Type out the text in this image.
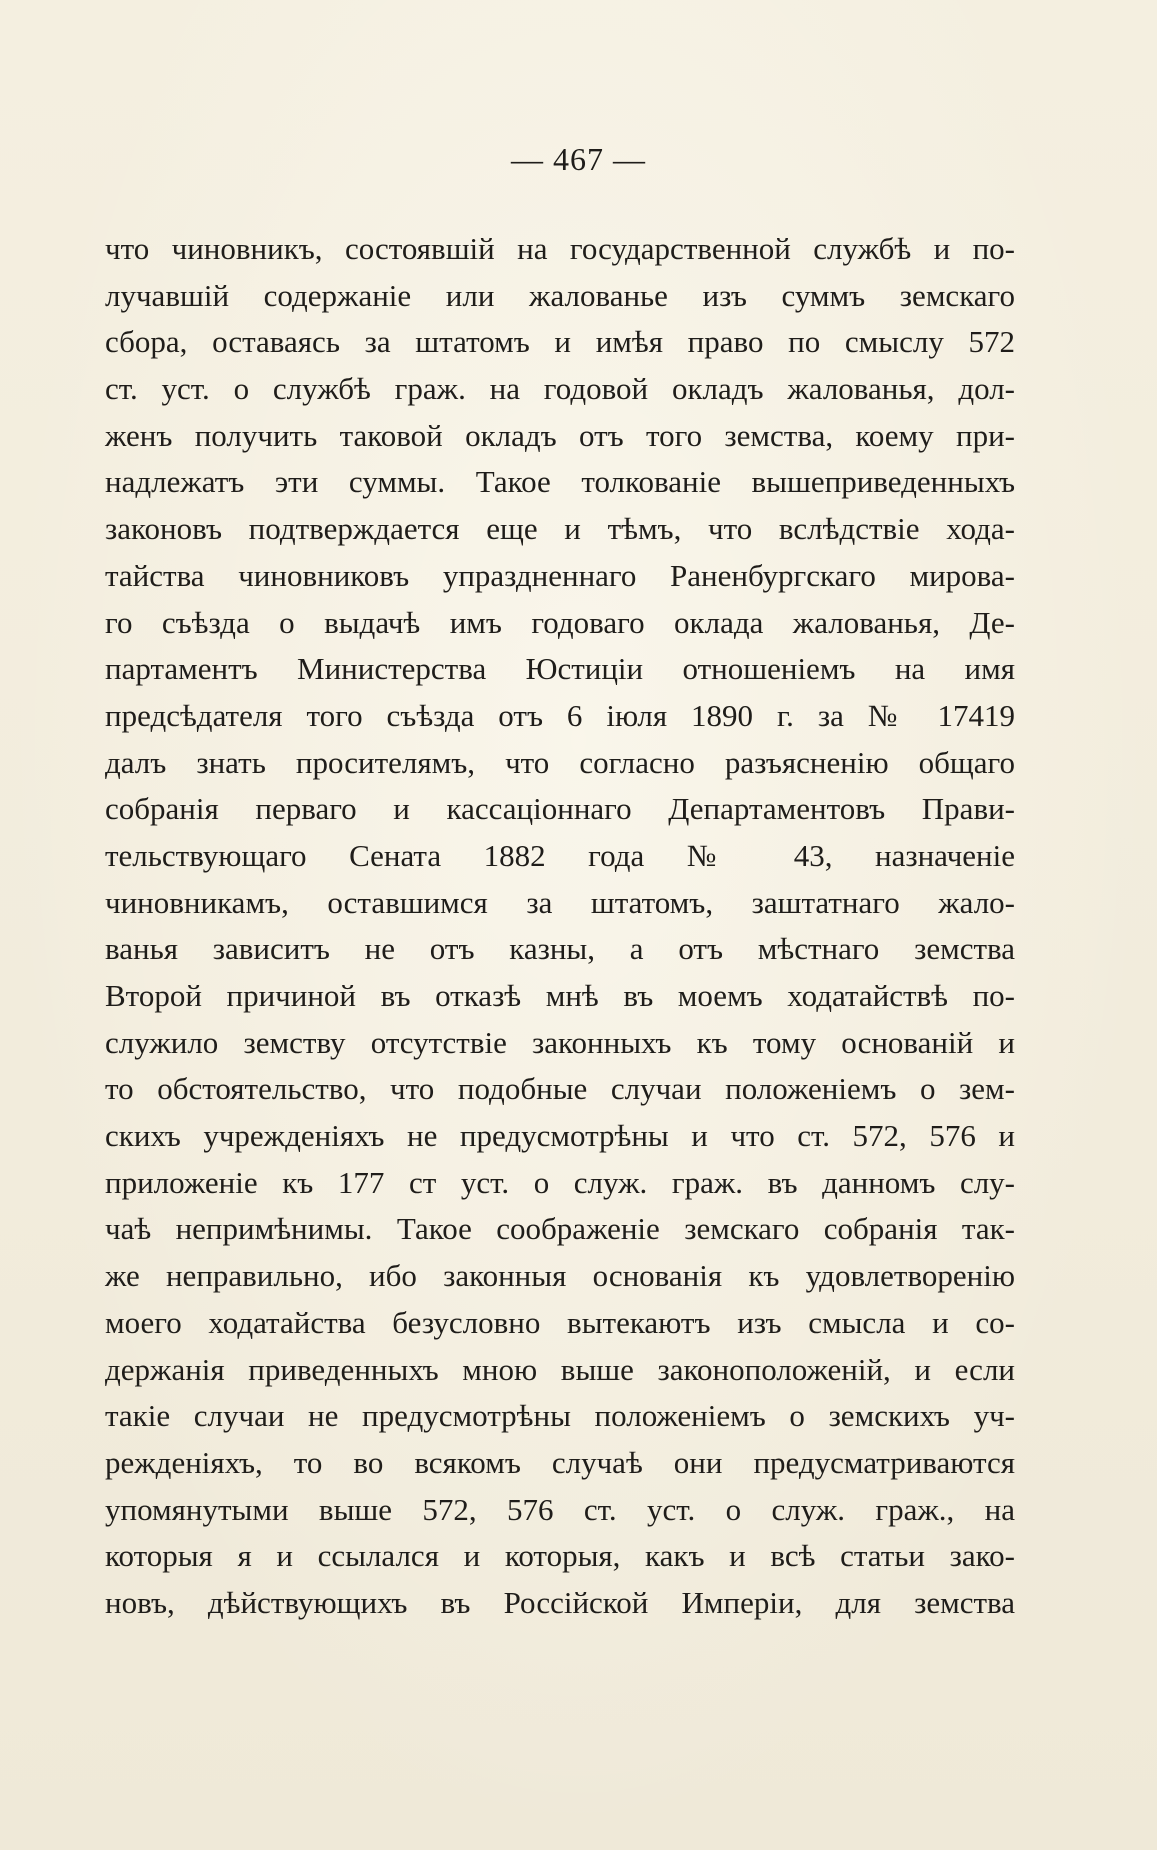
— 467 —
что чиновникъ, состоявшій на государственной службѣ и по-
лучавшій содержаніе или жалованье изъ суммъ земскаго
сбора, оставаясь за штатомъ и имѣя право по смыслу 572
ст. уст. о службѣ граж. на годовой окладъ жалованья, дол-
женъ получить таковой окладъ отъ того земства, коему при-
надлежатъ эти суммы. Такое толкованіе вышеприведенныхъ
законовъ подтверждается еще и тѣмъ, что вслѣдствіе хода-
тайства чиновниковъ упраздненнаго Раненбургскаго мирова-
го съѣзда о выдачѣ имъ годоваго оклада жалованья, Де-
партаментъ Министерства Юстиціи отношеніемъ на имя
предсѣдателя того съѣзда отъ 6 іюля 1890 г. за № 17419
далъ знать просителямъ, что согласно разъясненію общаго
собранія перваго и кассаціоннаго Департаментовъ Прави-
тельствующаго Сената 1882 года № 43, назначеніе
чиновникамъ, оставшимся за штатомъ, заштатнаго жало-
ванья зависитъ не отъ казны, а отъ мѣстнаго земства
Второй причиной въ отказѣ мнѣ въ моемъ ходатайствѣ по-
служило земству отсутствіе законныхъ къ тому основаній и
то обстоятельство, что подобные случаи положеніемъ о зем-
скихъ учрежденіяхъ не предусмотрѣны и что ст. 572, 576 и
приложеніе къ 177 ст уст. о служ. граж. въ данномъ слу-
чаѣ непримѣнимы. Такое соображеніе земскаго собранія так-
же неправильно, ибо законныя основанія къ удовлетворенію
моего ходатайства безусловно вытекаютъ изъ смысла и со-
держанія приведенныхъ мною выше законоположеній, и если
такіе случаи не предусмотрѣны положеніемъ о земскихъ уч-
режденіяхъ, то во всякомъ случаѣ они предусматриваются
упомянутыми выше 572, 576 ст. уст. о служ. граж., на
которыя я и ссылался и которыя, какъ и всѣ статьи зако-
новъ, дѣйствующихъ въ Россійской Имперіи, для земства
